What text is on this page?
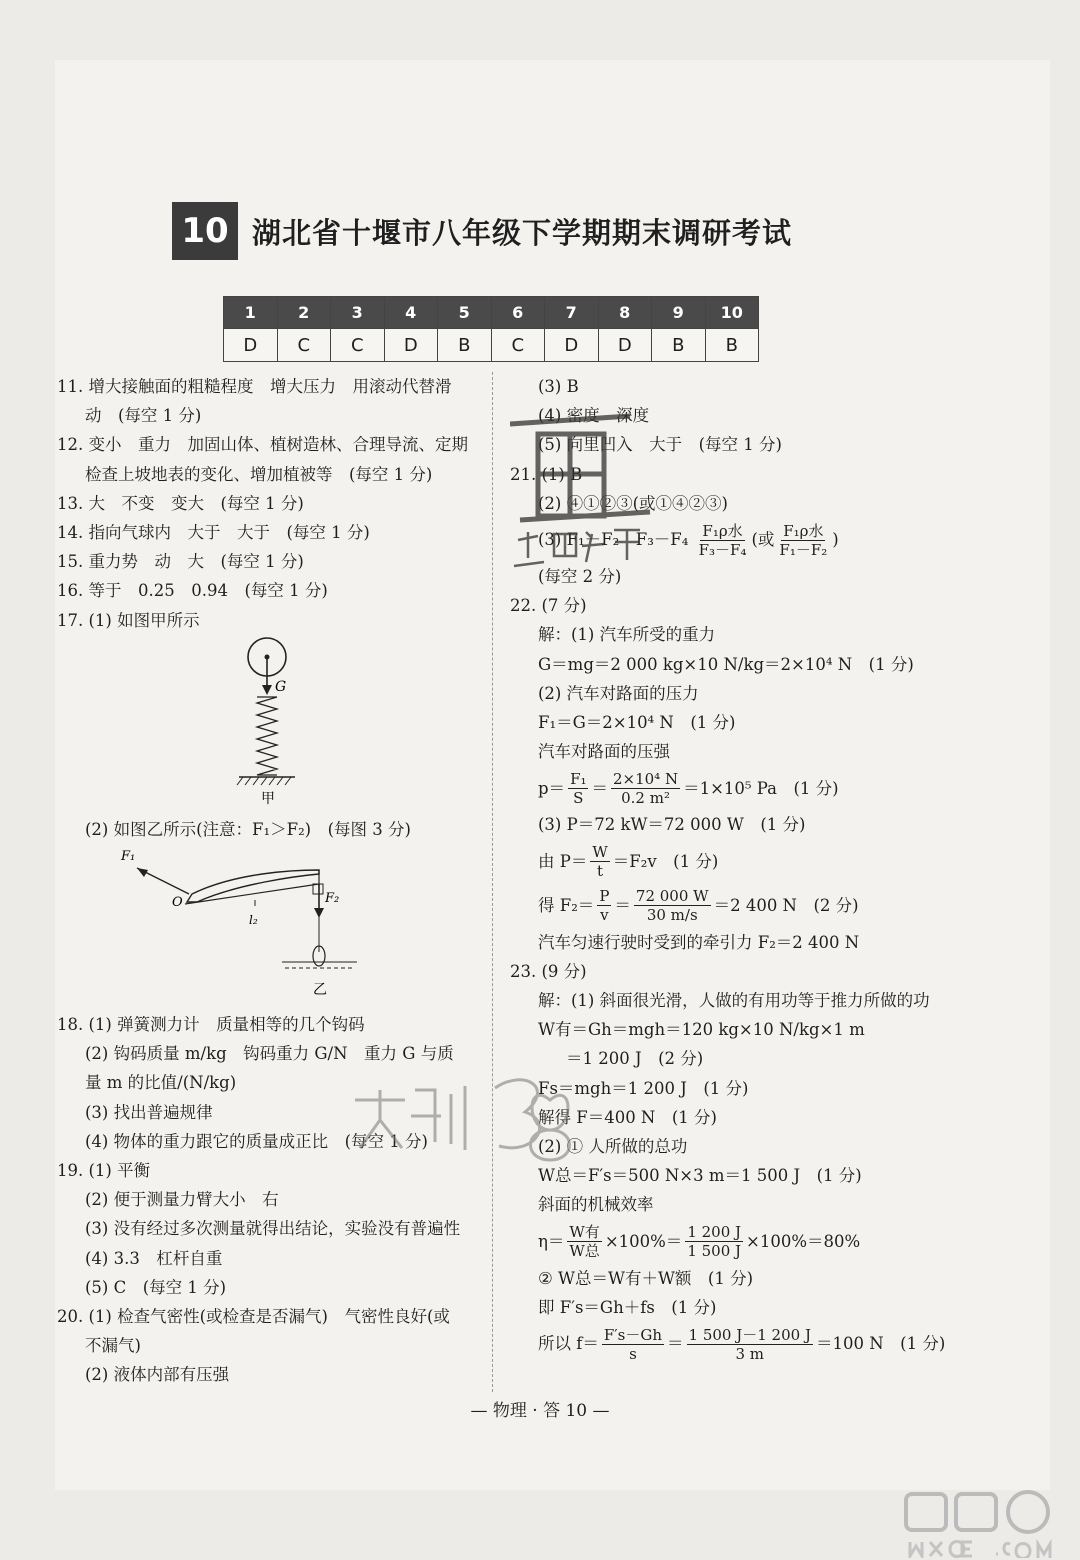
10 湖北省十堰市八年级下学期期末调研考试
1	2	3	4	5	6	7	8	9	10
D	C	C	D	B	C	D	D	B	B
11. 增大接触面的粗糙程度　增大压力　用滚动代替滑
动　(每空 1 分)
12. 变小　重力　加固山体、植树造林、合理导流、定期
检查上坡地表的变化、增加植被等　(每空 1 分)
13. 大　不变　变大　(每空 1 分)
14. 指向气球内　大于　大于　(每空 1 分)
15. 重力势　动　大　(每空 1 分)
16. 等于　0.25　0.94　(每空 1 分)
17. (1) 如图甲所示
G
甲
(2) 如图乙所示(注意：F₁＞F₂)　(每图 3 分)
O
F₁
F₂
l₂
乙
18. (1) 弹簧测力计　质量相等的几个钩码
(2) 钩码质量 m/kg　钩码重力 G/N　重力 G 与质
量 m 的比值/(N/kg)
(3) 找出普遍规律
(4) 物体的重力跟它的质量成正比　(每空 1 分)
19. (1) 平衡
(2) 便于测量力臂大小　右
(3) 没有经过多次测量就得出结论，实验没有普遍性
(4) 3.3　杠杆自重
(5) C　(每空 1 分)
20. (1) 检查气密性(或检查是否漏气)　气密性良好(或
不漏气)
(2) 液体内部有压强
(3) B
(4) 密度　深度
(5) 向里凹入　大于　(每空 1 分)
21. (1) B
(2) ④①②③(或①④②③)
(3) F₁－F₂　F₃－F₄
$\frac{\text{F₁ρ水}}{\text{F₃－F₄}}$ (或 $\frac{\text{F₁ρ水}}{\text{F₁－F₂}}$ )
(每空 2 分)
22. (7 分)
解：(1) 汽车所受的重力
G＝mg＝2 000 kg×10 N/kg＝2×10⁴ N　(1 分)
(2) 汽车对路面的压力
F₁＝G＝2×10⁴ N　(1 分)
汽车对路面的压强
$p= \frac{\text{F₁}}{S} = \frac{\text{2×10⁴ N}}{\text{0.2 m²}} =1\times 10^5$ Pa　(1 分)
(3) P＝72 kW＝72 000 W　(1 分)
由 $P= \frac{W}{t} =F_2v$　(1 分)
得 $F_2= \frac{P}{v} = \frac{72 000 W}{30 m/s} =2$ 400 N　(2 分)
汽车匀速行驶时受到的牵引力 F₂＝2 400 N
23. (9 分)
解：(1) 斜面很光滑，人做的有用功等于推力所做的功
W有＝Gh＝mgh＝120 kg×10 N/kg×1 m
＝1 200 J　(2 分)
Fs＝mgh＝1 200 J　(1 分)
解得 F＝400 N　(1 分)
(2) ① 人所做的总功
W总＝F′s＝500 N×3 m＝1 500 J　(1 分)
斜面的机械效率
$\eta= \frac{\text{W有}}{\text{W总}} \times 100\%= \frac{1 200 J}{1 500 J} \times 100\%=80\%$
② W总＝W有＋W额　(1 分)
即 F′s＝Gh＋fs　(1 分)
所以 $f= \frac{F's-Gh}{s} = \frac{1 500 J-1 200 J}{3 m} =100$ N　(1 分)
— 物理 · 答 10 —
